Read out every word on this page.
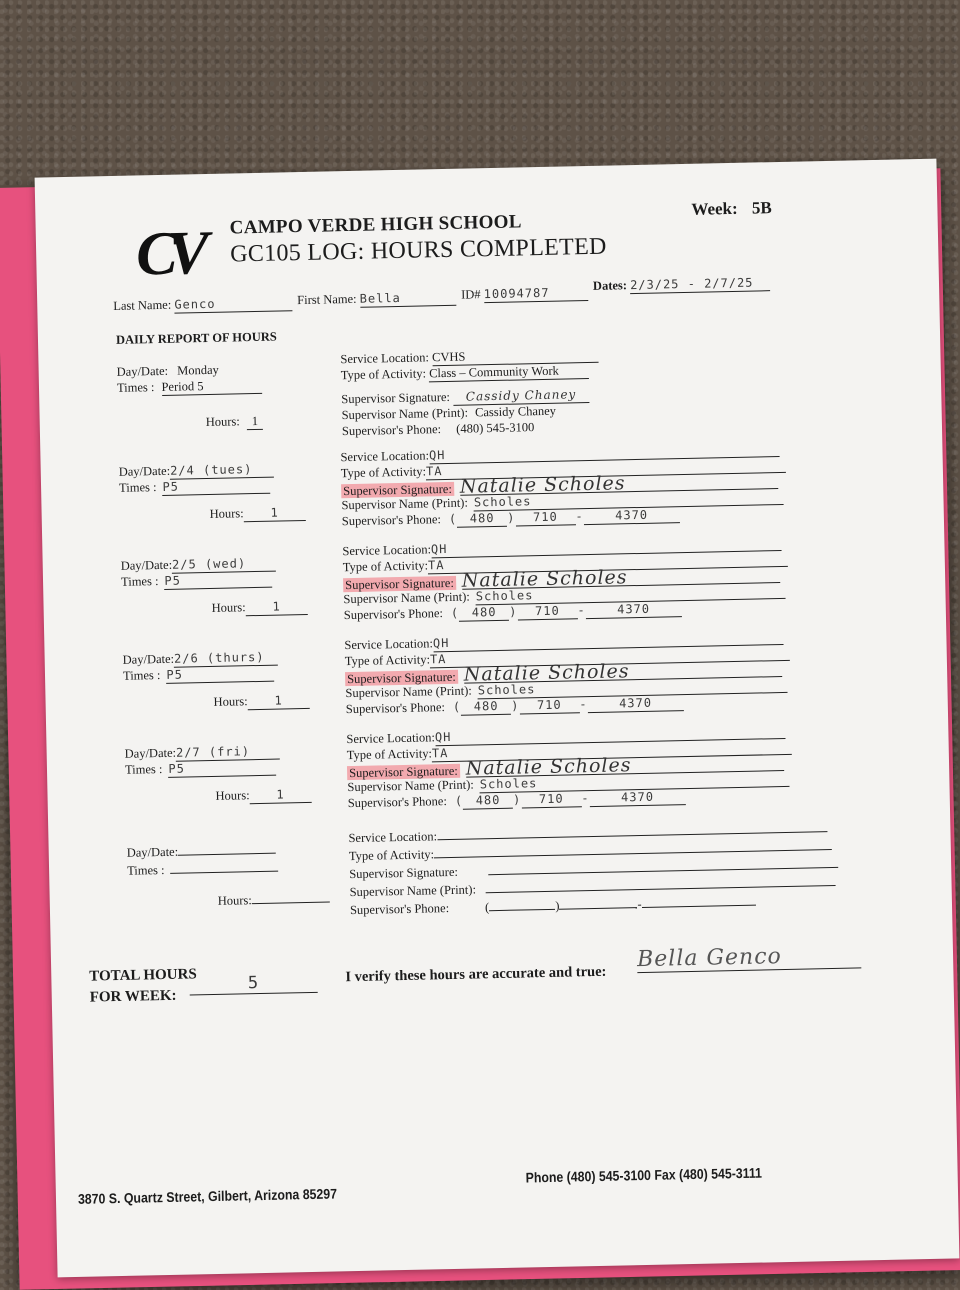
CV	CAMPO VERDE HIGH SCHOOL
GC105 LOG: HOURS COMPLETED
Week: 5B
Last Name: Genco	First Name: Bella	ID# 10094787
Dates: 2/3/25 - 2/7/25
DAILY REPORT OF HOURS
Day/Date: Monday
Times : Period 5
Hours: 1
Service Location: CVHS
Type of Activity: Class – Community Work
Supervisor Signature: Cassidy Chaney
Supervisor Name (Print): Cassidy Chaney
Supervisor's Phone: (480) 545-3100
Day/Date:2/4 (tues)
Times : P5
Hours: 1
Service Location:QH
Type of Activity:TA
Supervisor Signature: Natalie Scholes
Supervisor Name (Print): Scholes
Supervisor's Phone: ( 480 ) 710 -	4370
Day/Date:2/5 (wed)
Times : P5
Hours: 1
Service Location:QH
Type of Activity:TA
Supervisor Signature: Natalie Scholes
Supervisor Name (Print): Scholes
Supervisor's Phone: ( 480 ) 710 -	4370
Day/Date:2/6 (thurs)
Times : P5
Hours: 1
Service Location:QH
Type of Activity:TA
Supervisor Signature: Natalie Scholes
Supervisor Name (Print): Scholes
Supervisor's Phone: ( 480 ) 710 -	4370
Day/Date:2/7 (fri)
Times : P5
Hours: 1
Service Location:QH
Type of Activity:TA
Supervisor Signature: Natalie Scholes
Supervisor Name (Print): Scholes
Supervisor's Phone: ( 480 ) 710 -	4370
Day/Date:
Times :
Hours:
Service Location:
Type of Activity:
Supervisor Signature:
Supervisor Name (Print):
Supervisor's Phone:	(	)	-
TOTAL HOURS
FOR WEEK:
5	I verify these hours are accurate and true:
Bella Genco
3870 S. Quartz Street, Gilbert, Arizona 85297
Phone (480) 545-3100 Fax (480) 545-3111
